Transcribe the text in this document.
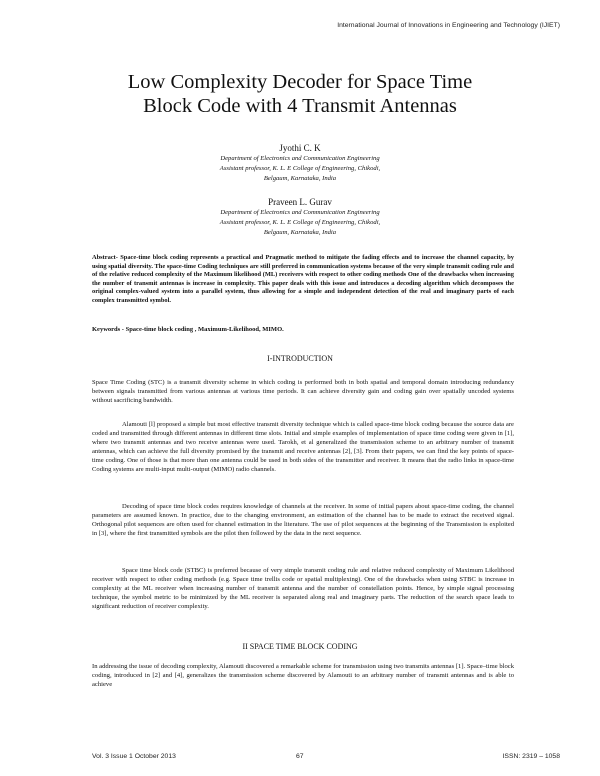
International Journal of Innovations in Engineering and Technology (IJIET)
Low Complexity Decoder for Space Time
Block Code with 4 Transmit Antennas
Jyothi C. K
Department of Electronics and Communication Engineering
Assistant professor, K. L. E College of Engineering, Chikodi,
Belgaum, Karnataka, India
Praveen L. Gurav
Department of Electronics and Communication Engineering
Assistant professor, K. L. E College of Engineering, Chikodi,
Belgaum, Karnataka, India

Abstract- Space-time block coding represents a practical and Pragmatic method to mitigate the fading effects and to increase the channel capacity, by using spatial diversity. The space-time Coding techniques are still preferred in communication systems because of the very simple transmit coding rule and of the relative reduced complexity of the Maximum likelihood (ML) receivers with respect to other coding methods One of the drawbacks when increasing the number of transmit antennas is increase in complexity. This paper deals with this issue and introduces a decoding algorithm which decomposes the original complex-valued system into a parallel system, thus allowing for a simple and independent detection of the real and imaginary parts of each complex transmitted symbol.

Keywords - Space-time block coding , Maximum-Likelihood, MIMO.

I-INTRODUCTION

Space Time Coding (STC) is a transmit diversity scheme in which coding is performed both in both spatial and temporal domain introducing redundancy between signals transmitted from various antennas at various time periods. It can achieve diversity gain and coding gain over spatially uncoded systems without sacrificing bandwidth.

Alamouti [l] proposed a simple but most effective transmit diversity technique which is called space-time block coding because the source data are coded and transmitted through different antennas in different time slots. Initial and simple examples of implementation of space time coding were given in [1], where two transmit antennas and two receive antennas were used. Tarokh, et al generalized the transmission scheme to an arbitrary number of transmit antennas, which can achieve the full diversity promised by the transmit and receive antennas [2], [3]. From their papers, we can find the key points of space-time coding. One of those is that more than one antenna could be used in both sides of the transmitter and receiver. It means that the radio links in space-time Coding systems are multi-input multi-output (MIMO) radio channels.

Decoding of space time block codes requires knowledge of channels at the receiver. In some of initial papers about space-time coding, the channel parameters are assumed known. In practice, due to the changing environment, an estimation of the channel has to be made to extract the received signal. Orthogonal pilot sequences are often used for channel estimation in the literature. The use of pilot sequences at the beginning of the Transmission is exploited in [3], where the first transmitted symbols are the pilot then followed by the data in the next sequence.

Space time block code (STBC) is preferred because of very simple transmit coding rule and relative reduced complexity of Maximum Likelihood receiver with respect to other coding methods (e.g. Space time trellis code or spatial multiplexing). One of the drawbacks when using STBC is increase in complexity at the ML receiver when increasing number of transmit antenna and the number of constellation points. Hence, by simple signal processing technique, the symbol metric to be minimized by the ML receiver is separated along real and imaginary parts. The reduction of the search space leads to significant reduction of receiver complexity.

II SPACE TIME BLOCK CODING

In addressing the issue of decoding complexity, Alamouti discovered a remarkable scheme for transmission using two transmits antennas [1]. Space–time block coding, introduced in [2] and [4], generalizes the transmission scheme discovered by Alamouti to an arbitrary number of transmit antennas and is able to achieve

Vol. 3 Issue 1 October 2013	67	ISSN: 2319 – 1058
